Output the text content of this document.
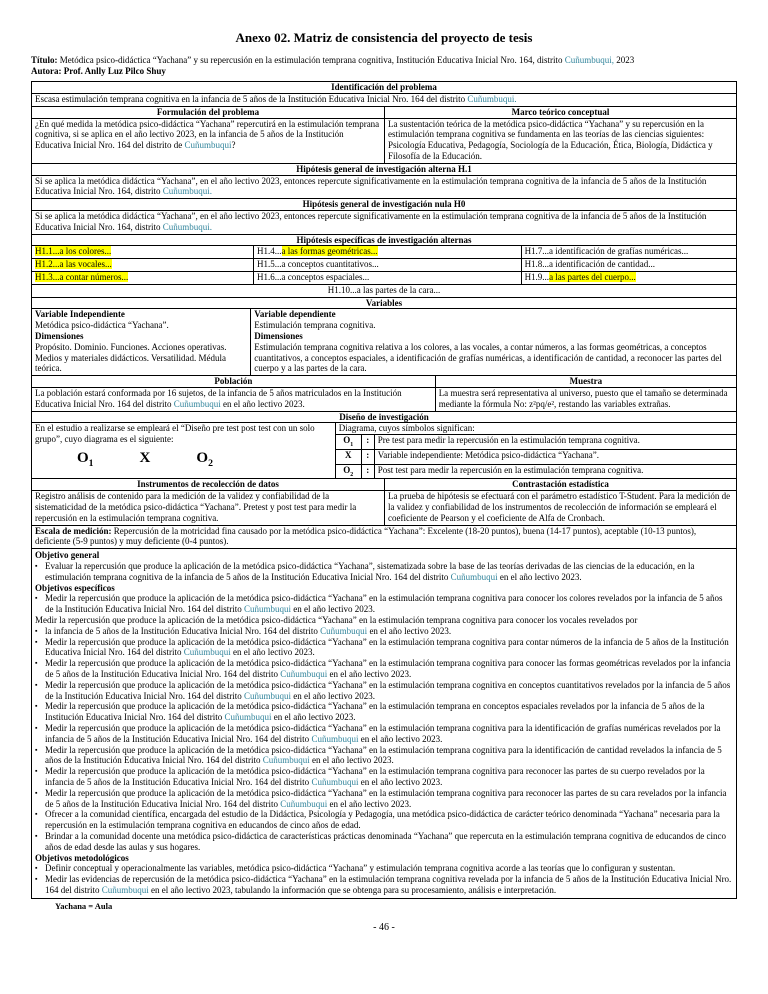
Anexo 02. Matriz de consistencia del proyecto de tesis

Título: Metódica psico-didáctica “Yachana” y su repercusión en la estimulación temprana cognitiva, Institución Educativa Inicial Nro. 164, distrito Cuñumbuqui, 2023

Autora: Prof. Anlly Luz Pilco Shuy

Identificación del problema
Escasa estimulación temprana cognitiva en la infancia de 5 años de la Institución Educativa Inicial Nro. 164 del distrito Cuñumbuqui.
Formulación del problema	Marco teórico conceptual
¿En qué medida la metódica psico-didáctica “Yachana” repercutirá en la estimulación temprana cognitiva, si se aplica en el año lectivo 2023, en la infancia de 5 años de la Institución Educativa Inicial Nro. 164 del distrito de Cuñumbuqui?
La sustentación teórica de la metódica psico-didáctica “Yachana” y su repercusión en la estimulación temprana cognitiva se fundamenta en las teorías de las ciencias siguientes: Psicología Educativa, Pedagogía, Sociología de la Educación, Ética, Biología, Didáctica y Filosofía de la Educación.
Hipótesis general de investigación alterna H.1
Si se aplica la metódica didáctica “Yachana”, en el año lectivo 2023, entonces repercute significativamente en la estimulación temprana cognitiva de la infancia de 5 años de la Institución Educativa Inicial Nro. 164, distrito Cuñumbuqui.
Hipótesis general de investigación nula H0
Si se aplica la metódica didáctica “Yachana”, en el año lectivo 2023, entonces repercute significativamente en la estimulación temprana cognitiva de la infancia de 5 años de la Institución Educativa Inicial Nro. 164, distrito Cuñumbuqui.
Hipótesis específicas de investigación alternas
H1.1...a los colores...	H1.4...a las formas geométricas...	H1.7...a identificación de grafías numéricas...
H1.2...a las vocales...	H1.5...a conceptos cuantitativos...	H1.8...a identificación de cantidad...
H1.3...a contar números...	H1.6...a conceptos espaciales...	H1.9...a las partes del cuerpo...
H1.10...a las partes de la cara...
Variables
Variable Independiente
Metódica psico-didáctica “Yachana”.
Dimensiones
Propósito. Dominio. Funciones. Acciones operativas. Medios y materiales didácticos. Versatilidad. Médula teórica.
Variable dependiente
Estimulación temprana cognitiva.
Dimensiones
Estimulación temprana cognitiva relativa a los colores, a las vocales, a contar números, a las formas geométricas, a conceptos cuantitativos, a conceptos espaciales, a identificación de grafías numéricas, a identificación de cantidad, a reconocer las partes del cuerpo y a las partes de la cara.
Población	Muestra
La población estará conformada por 16 sujetos, de la infancia de 5 años matriculados en la Institución Educativa Inicial Nro. 164 del distrito Cuñumbuqui en el año lectivo 2023.
La muestra será representativa al universo, puesto que el tamaño se determinada mediante la fórmula No: z²pq/e², restando las variables extrañas.
Diseño de investigación
En el estudio a realizarse se empleará el “Diseño pre test post test con un solo grupo”, cuyo diagrama es el siguiente:
$O_1$	X	$O_2$
Diagrama, cuyos símbolos significan:
$O_1$	: Pre test para medir la repercusión en la estimulación temprana cognitiva.
X	: Variable independiente: Metódica psico-didáctica “Yachana”.
$O_2$	: Post test para medir la repercusión en la estimulación temprana cognitiva.
Instrumentos de recolección de datos	Contrastación estadística
Registro análisis de contenido para la medición de la validez y confiabilidad de la sistematicidad de la metódica psico-didáctica “Yachana”. Pretest y post test para medir la repercusión en la estimulación temprana cognitiva.
La prueba de hipótesis se efectuará con el parámetro estadístico T-Student. Para la medición de la validez y confiabilidad de los instrumentos de recolección de información se empleará el coeficiente de Pearson y el coeficiente de Alfa de Cronbach.
Escala de medición: Repercusión de la motricidad fina causado por la metódica psico-didáctica “Yachana”: Excelente (18-20 puntos), buena (14-17 puntos), aceptable (10-13 puntos), deficiente (5-9 puntos) y muy deficiente (0-4 puntos).
Objetivo general
▪ Evaluar la repercusión que produce la aplicación de la metódica psico-didáctica “Yachana”, sistematizada sobre la base de las teorías derivadas de las ciencias de la educación, en la estimulación temprana cognitiva de la infancia de 5 años de la Institución Educativa Inicial Nro. 164 del distrito Cuñumbuqui en el año lectivo 2023.
Objetivos específicos
▪ Medir la repercusión que produce la aplicación de la metódica psico-didáctica “Yachana” en la estimulación temprana cognitiva para conocer los colores revelados por la infancia de 5 años de la Institución Educativa Inicial Nro. 164 del distrito Cuñumbuqui en el año lectivo 2023.
Medir la repercusión que produce la aplicación de la metódica psico-didáctica “Yachana” en la estimulación temprana cognitiva para conocer los vocales revelados por
▪ la infancia de 5 años de la Institución Educativa Inicial Nro. 164 del distrito Cuñumbuqui en el año lectivo 2023.
▪ Medir la repercusión que produce la aplicación de la metódica psico-didáctica “Yachana” en la estimulación temprana cognitiva para contar números de la infancia de 5 años de la Institución Educativa Inicial Nro. 164 del distrito Cuñumbuqui en el año lectivo 2023.
▪ Medir la repercusión que produce la aplicación de la metódica psico-didáctica “Yachana” en la estimulación temprana cognitiva para conocer las formas geométricas revelados por la infancia de 5 años de la Institución Educativa Inicial Nro. 164 del distrito Cuñumbuqui en el año lectivo 2023.
▪ Medir la repercusión que produce la aplicación de la metódica psico-didáctica “Yachana” en la estimulación temprana cognitiva en conceptos cuantitativos revelados por la infancia de 5 años de la Institución Educativa Inicial Nro. 164 del distrito Cuñumbuqui en el año lectivo 2023.
▪ Medir la repercusión que produce la aplicación de la metódica psico-didáctica “Yachana” en la estimulación temprana en conceptos espaciales revelados por la infancia de 5 años de la Institución Educativa Inicial Nro. 164 del distrito Cuñumbuqui en el año lectivo 2023.
▪ Medir la repercusión que produce la aplicación de la metódica psico-didáctica “Yachana” en la estimulación temprana cognitiva para la identificación de grafías numéricas revelados por la infancia de 5 años de la Institución Educativa Inicial Nro. 164 del distrito Cuñumbuqui en el año lectivo 2023.
▪ Medir la repercusión que produce la aplicación de la metódica psico-didáctica “Yachana” en la estimulación temprana cognitiva para la identificación de cantidad revelados la infancia de 5 años de la Institución Educativa Inicial Nro. 164 del distrito Cuñumbuqui en el año lectivo 2023.
▪ Medir la repercusión que produce la aplicación de la metódica psico-didáctica “Yachana” en la estimulación temprana cognitiva para reconocer las partes de su cuerpo revelados por la infancia de 5 años de la Institución Educativa Inicial Nro. 164 del distrito Cuñumbuqui en el año lectivo 2023.
▪ Medir la repercusión que produce la aplicación de la metódica psico-didáctica “Yachana” en la estimulación temprana cognitiva para reconocer las partes de su cara revelados por la infancia de 5 años de la Institución Educativa Inicial Nro. 164 del distrito Cuñumbuqui en el año lectivo 2023.
▪ Ofrecer a la comunidad científica, encargada del estudio de la Didáctica, Psicología y Pedagogía, una metódica psico-didáctica de carácter teórico denominada “Yachana” necesaria para la repercusión en la estimulación temprana cognitiva en educandos de cinco años de edad.
▪ Brindar a la comunidad docente una metódica psico-didáctica de características prácticas denominada “Yachana” que repercuta en la estimulación temprana cognitiva de educandos de cinco años de edad desde las aulas y sus hogares.
Objetivos metodológicos
▪ Definir conceptual y operacionalmente las variables, metódica psico-didáctica “Yachana” y estimulación temprana cognitiva acorde a las teorías que lo configuran y sustentan.
▪ Medir las evidencias de repercusión de la metódica psico-didáctica “Yachana” en la estimulación temprana cognitiva revelada por la infancia de 5 años de la Institución Educativa Inicial Nro. 164 del distrito Cuñumbuqui en el año lectivo 2023, tabulando la información que se obtenga para su procesamiento, análisis e interpretación.
Yachana = Aula
- 46 -
